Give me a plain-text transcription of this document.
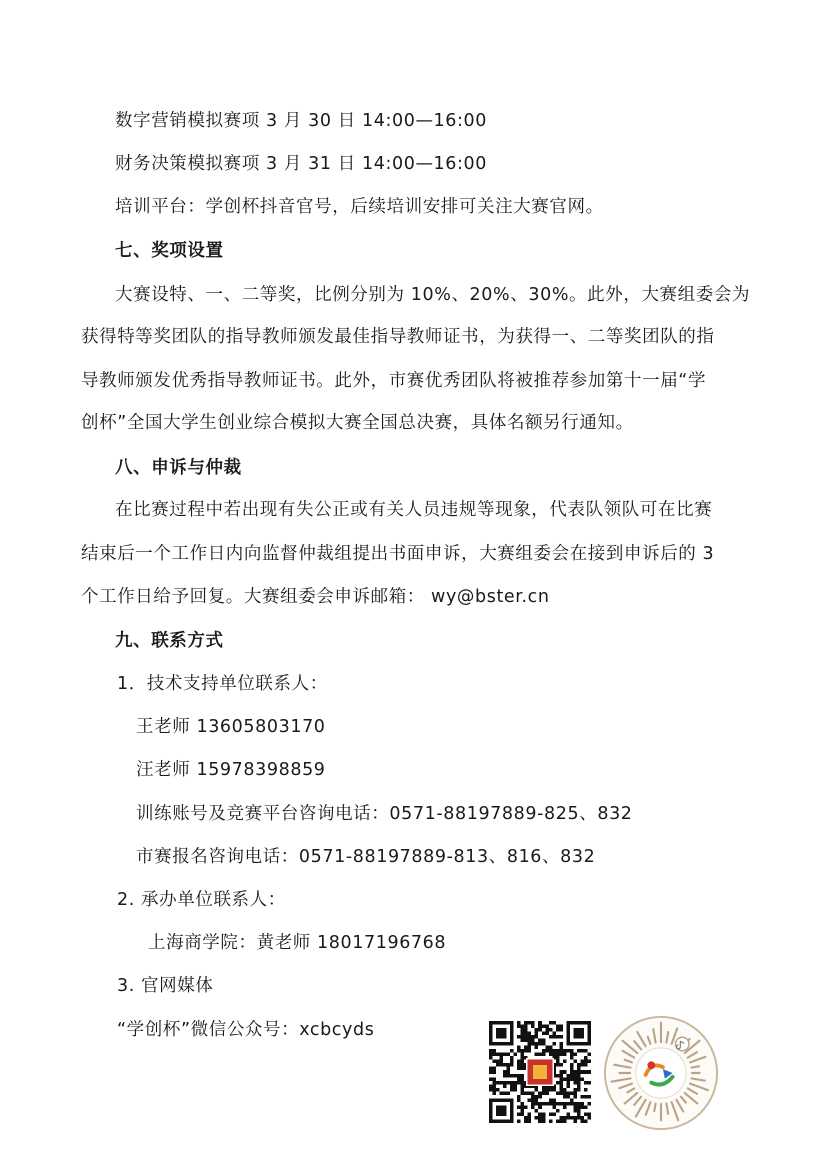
数字营销模拟赛项 3 月 30 日 14:00—16:00
财务决策模拟赛项 3 月 31 日 14:00—16:00
培训平台：学创杯抖音官号，后续培训安排可关注大赛官网。
七、奖项设置
大赛设特、一、二等奖，比例分别为 10%、20%、30%。此外，大赛组委会为
获得特等奖团队的指导教师颁发最佳指导教师证书，为获得一、二等奖团队的指
导教师颁发优秀指导教师证书。此外，市赛优秀团队将被推荐参加第十一届“学
创杯”全国大学生创业综合模拟大赛全国总决赛，具体名额另行通知。
八、申诉与仲裁
在比赛过程中若出现有失公正或有关人员违规等现象，代表队领队可在比赛
结束后一个工作日内向监督仲裁组提出书面申诉，大赛组委会在接到申诉后的 3
个工作日给予回复。大赛组委会申诉邮箱： wy@bster.cn
九、联系方式
1．技术支持单位联系人：
王老师 13605803170
汪老师 15978398859
训练账号及竞赛平台咨询电话：0571-88197889-825、832
市赛报名咨询电话：0571-88197889-813、816、832
2. 承办单位联系人：
上海商学院：黄老师 18017196768
3. 官网媒体
“学创杯”微信公众号：xcbcyds
